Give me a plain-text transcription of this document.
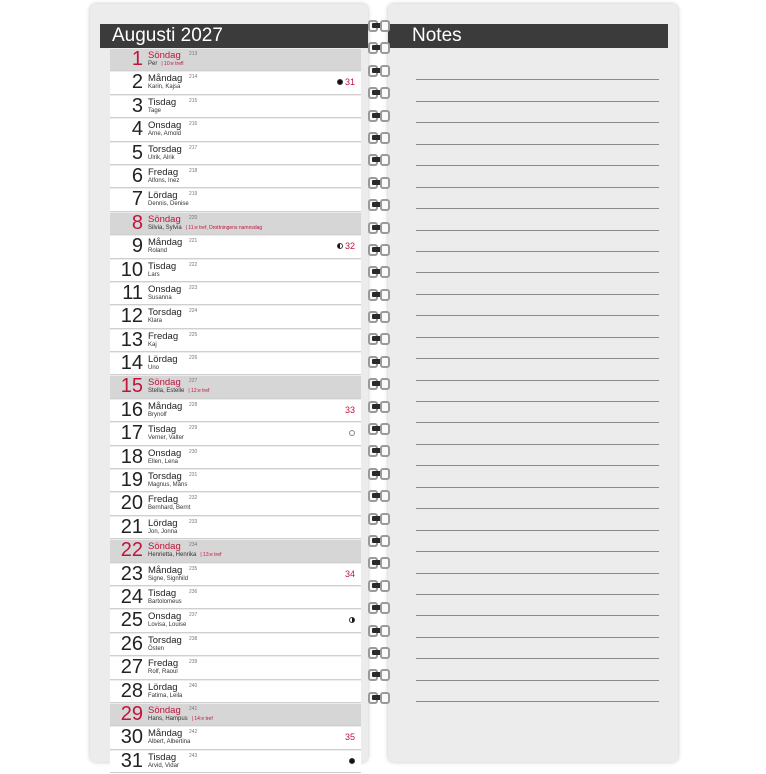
Augusti 2027	Notes
1 Söndag 213
Per | 10:e trefl
2 Måndag 214
Karin, Kajsa	31
3 Tisdag	215
Tage
4 Onsdag 216
Arne, Arnold
5 Torsdag 217
Ulrik, Alrik
6 Fredag 218
Alfons, Inez
7 Lördag 219
Dennis, Denise
8 Söndag 220
Silvia, Sylvia | 11:e tref, Drottningens namnsdag
9 Måndag 221
Roland	32
10 Tisdag	222
Lars
11 Onsdag 223
Susanna
12 Torsdag 224
Klara
13 Fredag 225
Kaj
14 Lördag 226
Uno
15 Söndag 227
Stella, Estelle | 12:e tref
16 Måndag 228
Brynolf	33
17 Tisdag	229
Verner, Valter
18 Onsdag 230
Ellen, Lena
19 Torsdag 231
Magnus, Måns
20 Fredag 232
Bernhard, Bernt
21 Lördag 233
Jon, Jonna
22 Söndag 234
Henrietta, Henrika | 13:e tref
23 Måndag 235
Signe, Signhild	34
24 Tisdag	236
Bartolomeus
25 Onsdag 237
Lovisa, Louise
26 Torsdag 238
Östen
27 Fredag 239
Rolf, Raoul
28 Lördag 240
Fatima, Leila
29 Söndag 241
Hans, Hampus | 14:e tref
30 Måndag 242
Albert, Albertina	35
31 Tisdag	243
Arvid, Vidar
